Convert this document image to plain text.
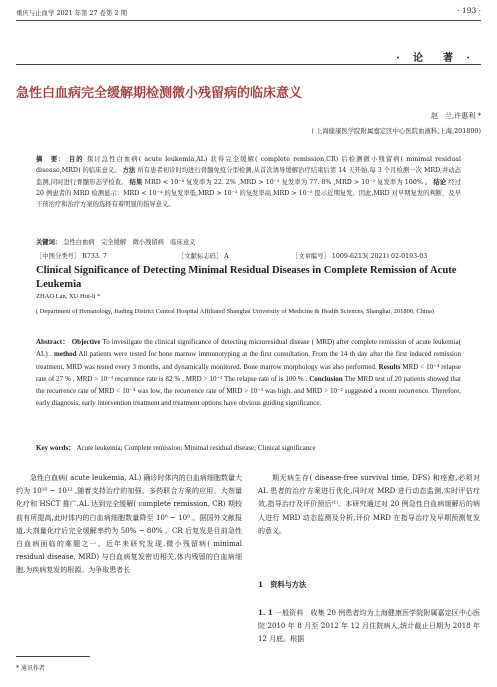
重庆与止血学 2021 年第 27 卷第 2 期	· 193 ·
· 论　著 ·
急性白血病完全缓解期检测微小残留病的临床意义
赵　兰,许惠利 *
( 上海健康医学院附属嘉定区中心医院血液科,上海,201800)
摘　要： 目的 探讨急性白血病( acute leukemia,AL) 获得完全缓解( complete remission,CR) 后检测微小残留病( minimal residual disease,MRD) 的临床意义。 方法 所有患者初诊时均进行骨髓免疫分型检测,从首次诱导缓解治疗结束后第 14 天开始,每 3 个月检测一次 MRD,并动态监测,同时进行骨髓形态学检查。 结果 MRD < 10⁻⁴ 复发率为 22. 2% ,MRD > 10⁻³ 复发率为 77. 8% ,MRD > 10⁻² 复发率为 100% 。 结论 经过 20 例患者的 MRD 检测显示：MRD < 10⁻⁴ 的复发率低,MRD > 10⁻³ 的复发率高,MRD > 10⁻² 提示近期复发。因此,MRD 对早期复发的判断、及早干预治疗和治疗方案的选择有着明显的指导意义。
关键词： 急性白血病　完全缓解　微小残留病　临床意义
［中图分类号］ R733. 7	［文献标志码］ A	［文章编号］ 1009-6213( 2021) 02-0193-03
Clinical Significance of Detecting Minimal Residual Diseases in Complete Remission of Acute Leukemia
ZHAO Lan, XU Hui-li *
( Department of Hematology, Jiading District Central Hospital Affiliated Shanghai University of Medicine & Health Sciences, Shanghai, 201800, China)
Abstract： Objective To investigate the clinical significance of detecting microresidual disease ( MRD) after complete remission of acute leukemia( AL) . method All patients were tested for bone marrow immunotyping at the first consultation. From the 14 th day after the first induced remission treatment, MRD was tested every 3 months, and dynamically monitored. Bone marrow morphology was also performed. Results MRD < 10⁻⁴ relapse rate of 27 % , MRD > 10⁻³ recurrence rate is 82 % , MRD > 10⁻² The relapse rate of is 100 % . Conclusion The MRD test of 20 patients showed that the recurrence rate of MRD < 10⁻⁴ was low, the recurrence rate of MRD > 10⁻³ was high, and MRD > 10⁻² suggested a recent recurrence. Therefore, early diagnosis, early intervention treatment and treatment options have obvious guiding significance.
Key words： Acute leukemia; Complete remission; Minimal residual disease; Clinical significance
急性白血病( acute leukemia, AL) 确诊时体内的白血病细胞数量大约为 10¹⁰ ~ 10¹² ,随着支持治疗的加强、多药联合方案的应用、大剂量化疗和 HSCT 推广,AL 达到完全缓解( complete remission, CR) 期较前有所提高,此时体内的白血病细胞数量降至 10⁸ ~ 10⁹ 。据国外文献报道,大剂量化疗后完全缓解率约为 50% ~ 80% 。CR 后复发是目前急性白血病面临的难题之一。近年来研究发现,微小残留病( minimal residual disease, MRD) 与白血病复发密切相关,体内残留的白血病细胞,为疾病复发的根源。为争取患者长

期无病生存( disease-free survival time, DFS) 和痊愈,必须对 AL 患者的治疗方案进行优化,同时对 MRD 进行动态监测,实时评估疗效,指导治疗及评价预后⁽¹⁾。本研究通过对 20 例急性白血病缓解后的病人进行 MRD 动态监测及分析,评价 MRD 在指导治疗及早期预测复发的意义。

1　资料与方法
1. 1 一般资料　收集 20 例患者均为上海健康医学院附属嘉定区中心医院 2010 年 8 月至 2012 年 12 月住院病人,统计截止日期为 2018 年 12 月底。根据
* 通讯作者
